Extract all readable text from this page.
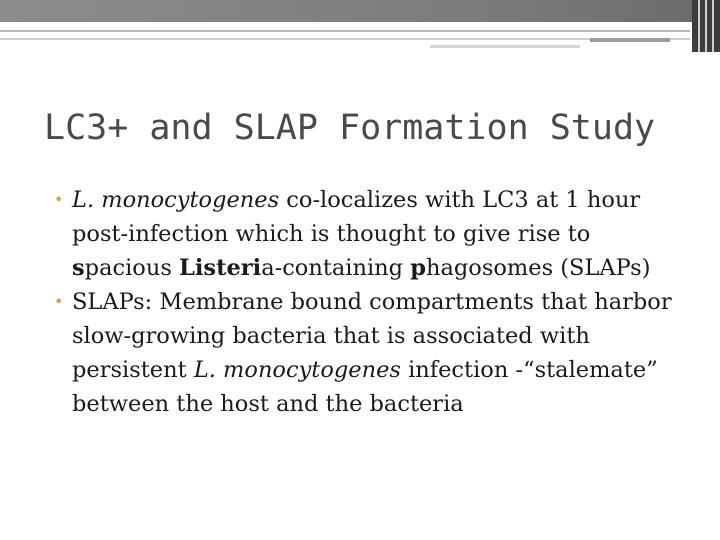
LC3+ and SLAP Formation Study
• L. monocytogenes co-localizes with LC3 at 1 hour post-infection which is thought to give rise to spacious Listeria-containing phagosomes (SLAPs)
• SLAPs: Membrane bound compartments that harbor slow-growing bacteria that is associated with persistent L. monocytogenes infection -“stalemate” between the host and the bacteria
